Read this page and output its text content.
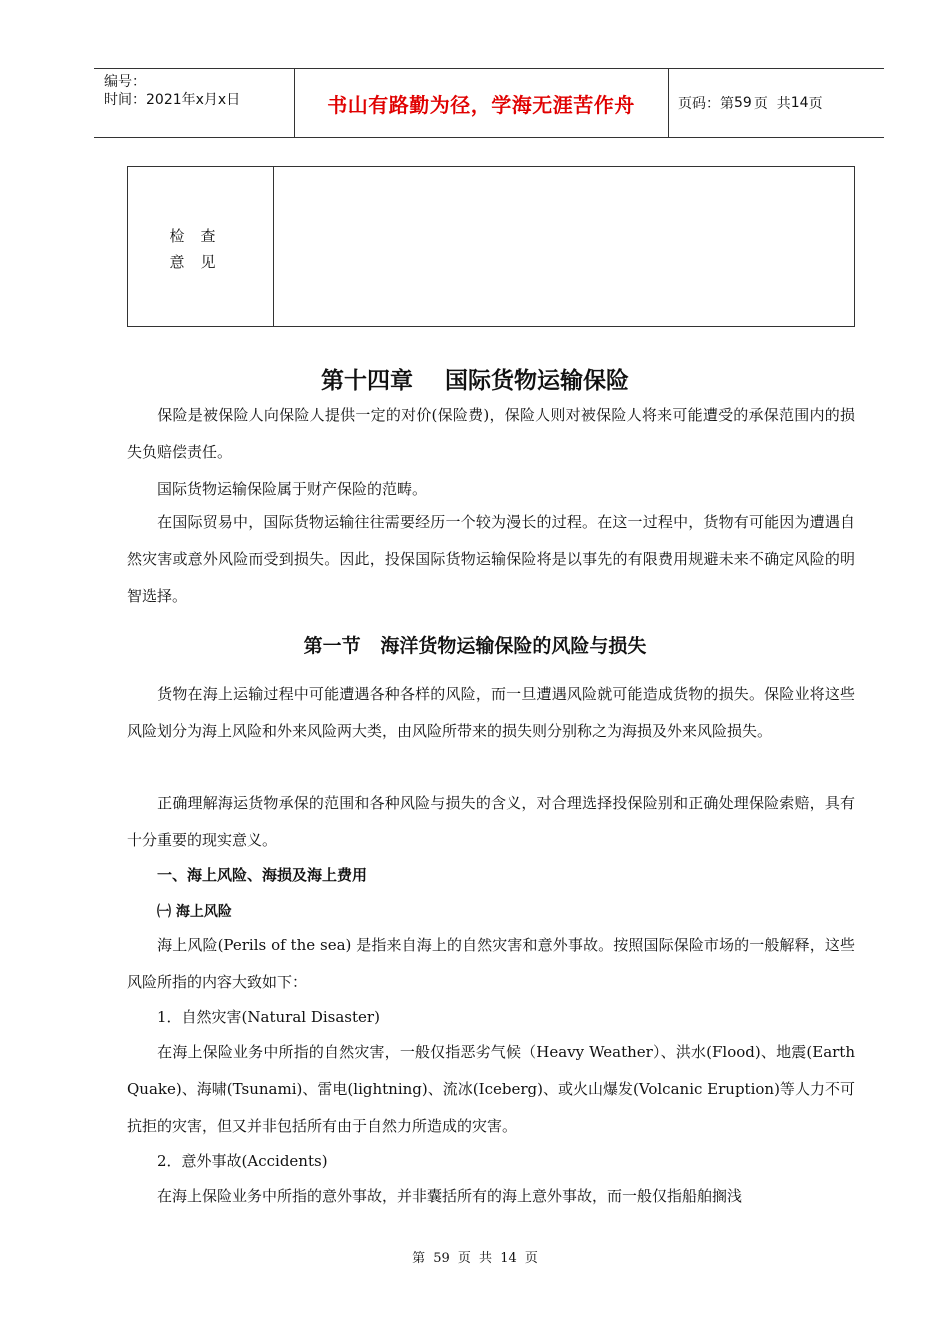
编号：
时间：2021年x月x日	书山有路勤为径，学海无涯苦作舟	页码：第 59 页  共 14 页
检查
意见
第十四章    国际货物运输保险
保险是被保险人向保险人提供一定的对价(保险费)，保险人则对被保险人将来可能遭受的承保范围内的损失负赔偿责任。
国际货物运输保险属于财产保险的范畴。
在国际贸易中，国际货物运输往往需要经历一个较为漫长的过程。在这一过程中，货物有可能因为遭遇自然灾害或意外风险而受到损失。因此，投保国际货物运输保险将是以事先的有限费用规避未来不确定风险的明智选择。
第一节   海洋货物运输保险的风险与损失
货物在海上运输过程中可能遭遇各种各样的风险，而一旦遭遇风险就可能造成货物的损失。保险业将这些风险划分为海上风险和外来风险两大类，由风险所带来的损失则分别称之为海损及外来风险损失。
正确理解海运货物承保的范围和各种风险与损失的含义，对合理选择投保险别和正确处理保险索赔，具有十分重要的现实意义。
一、海上风险、海损及海上费用
㈠ 海上风险
海上风险(Perils of the sea) 是指来自海上的自然灾害和意外事故。按照国际保险市场的一般解释，这些风险所指的内容大致如下：
1．自然灾害(Natural Disaster)
在海上保险业务中所指的自然灾害，一般仅指恶劣气候（Heavy Weather）、洪水(Flood)、地震(Earth Quake)、海啸(Tsunami)、雷电(lightning)、流冰(Iceberg)、或火山爆发(Volcanic Eruption)等人力不可抗拒的灾害，但又并非包括所有由于自然力所造成的灾害。
2．意外事故(Accidents)
在海上保险业务中所指的意外事故，并非囊括所有的海上意外事故，而一般仅指船舶搁浅
第 59 页 共 14 页
